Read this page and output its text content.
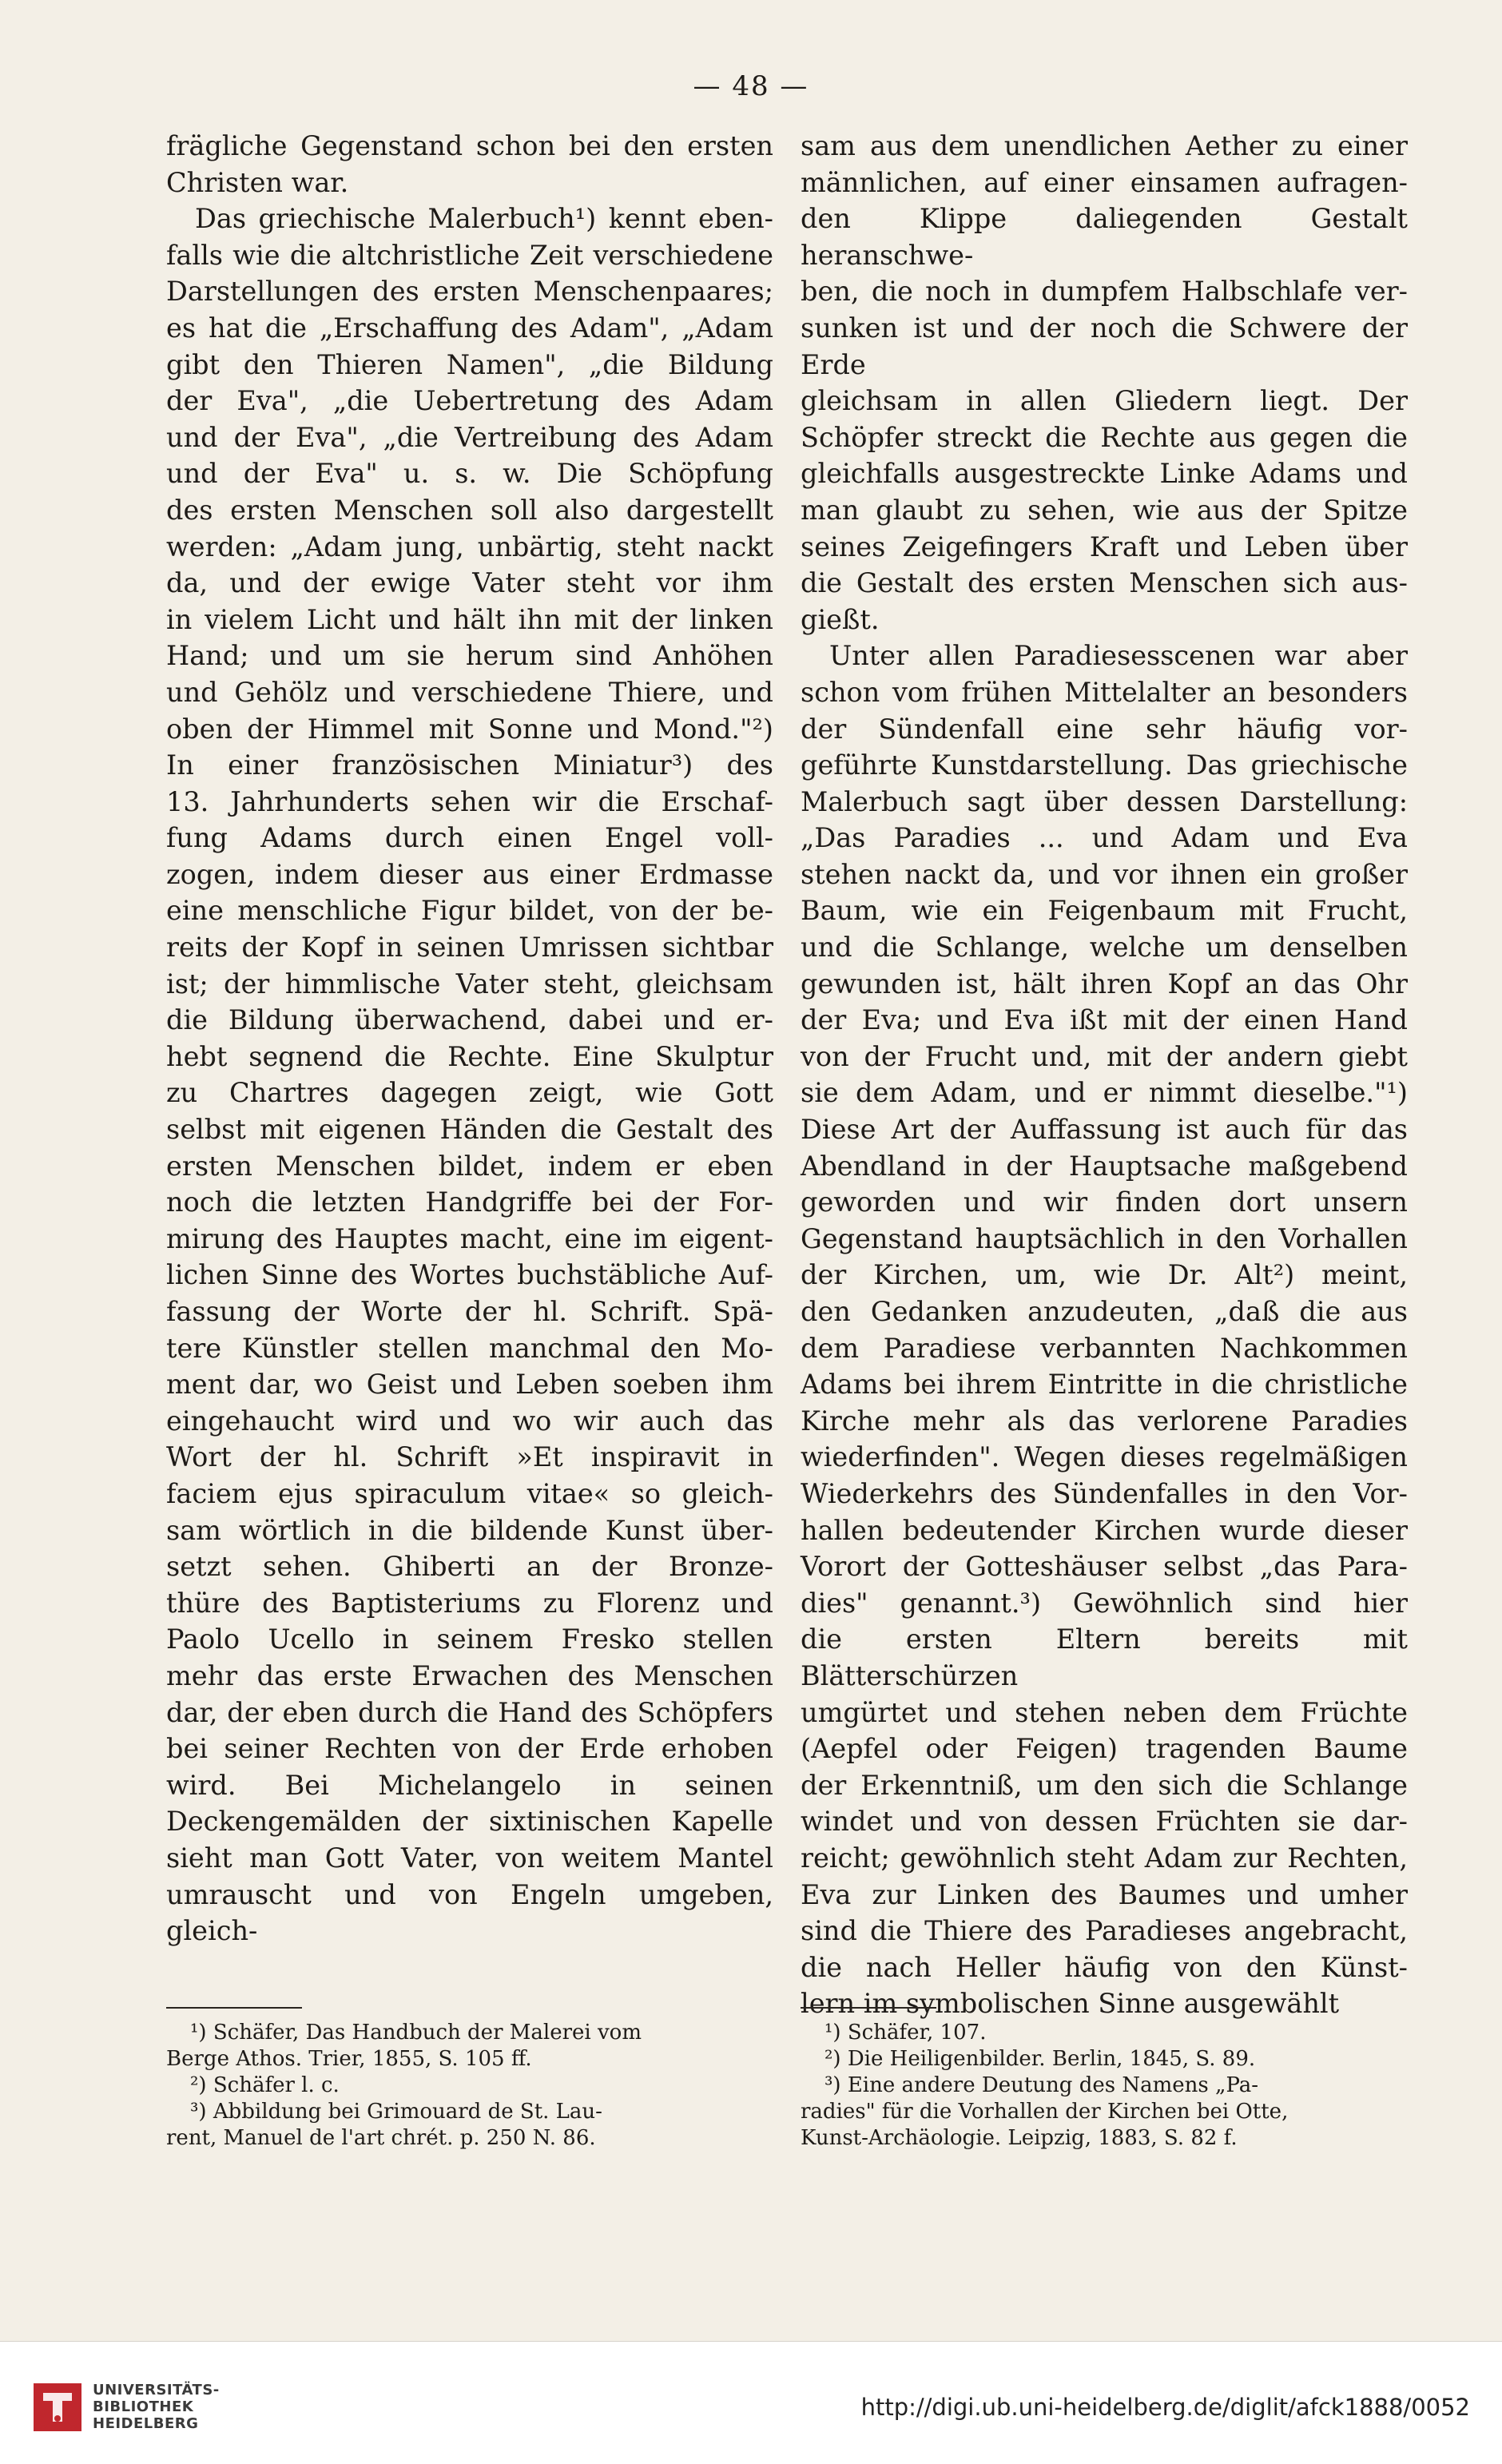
— 48 —

frägliche Gegenstand schon bei den ersten

Christen war.

Das griechische Malerbuch¹) kennt eben-

falls wie die altchristliche Zeit verschiedene

Darstellungen des ersten Menschenpaares;

es hat die „Erschaffung des Adam", „Adam

gibt den Thieren Namen", „die Bildung

der Eva", „die Uebertretung des Adam

und der Eva", „die Vertreibung des Adam

und der Eva" u. s. w. Die Schöpfung

des ersten Menschen soll also dargestellt

werden: „Adam jung, unbärtig, steht nackt

da, und der ewige Vater steht vor ihm

in vielem Licht und hält ihn mit der linken

Hand; und um sie herum sind Anhöhen

und Gehölz und verschiedene Thiere, und

oben der Himmel mit Sonne und Mond."²)

In einer französischen Miniatur³) des

13. Jahrhunderts sehen wir die Erschaf-

fung Adams durch einen Engel voll-

zogen, indem dieser aus einer Erdmasse

eine menschliche Figur bildet, von der be-

reits der Kopf in seinen Umrissen sichtbar

ist; der himmlische Vater steht, gleichsam

die Bildung überwachend, dabei und er-

hebt segnend die Rechte. Eine Skulptur

zu Chartres dagegen zeigt, wie Gott

selbst mit eigenen Händen die Gestalt des

ersten Menschen bildet, indem er eben

noch die letzten Handgriffe bei der For-

mirung des Hauptes macht, eine im eigent-

lichen Sinne des Wortes buchstäbliche Auf-

fassung der Worte der hl. Schrift. Spä-

tere Künstler stellen manchmal den Mo-

ment dar, wo Geist und Leben soeben ihm

eingehaucht wird und wo wir auch das

Wort der hl. Schrift »Et inspiravit in

faciem ejus spiraculum vitae« so gleich-

sam wörtlich in die bildende Kunst über-

setzt sehen. Ghiberti an der Bronze-

thüre des Baptisteriums zu Florenz und

Paolo Ucello in seinem Fresko stellen

mehr das erste Erwachen des Menschen

dar, der eben durch die Hand des Schöpfers

bei seiner Rechten von der Erde erhoben

wird. Bei Michelangelo in seinen

Deckengemälden der sixtinischen Kapelle

sieht man Gott Vater, von weitem Mantel

umrauscht und von Engeln umgeben, gleich-

sam aus dem unendlichen Aether zu einer

männlichen, auf einer einsamen aufragen-

den Klippe daliegenden Gestalt heranschwe-

ben, die noch in dumpfem Halbschlafe ver-

sunken ist und der noch die Schwere der Erde

gleichsam in allen Gliedern liegt. Der

Schöpfer streckt die Rechte aus gegen die

gleichfalls ausgestreckte Linke Adams und

man glaubt zu sehen, wie aus der Spitze

seines Zeigefingers Kraft und Leben über

die Gestalt des ersten Menschen sich aus-

gießt.

Unter allen Paradiesesscenen war aber

schon vom frühen Mittelalter an besonders

der Sündenfall eine sehr häufig vor-

geführte Kunstdarstellung. Das griechische

Malerbuch sagt über dessen Darstellung:

„Das Paradies ... und Adam und Eva

stehen nackt da, und vor ihnen ein großer

Baum, wie ein Feigenbaum mit Frucht,

und die Schlange, welche um denselben

gewunden ist, hält ihren Kopf an das Ohr

der Eva; und Eva ißt mit der einen Hand

von der Frucht und, mit der andern giebt

sie dem Adam, und er nimmt dieselbe."¹)

Diese Art der Auffassung ist auch für das

Abendland in der Hauptsache maßgebend

geworden und wir finden dort unsern

Gegenstand hauptsächlich in den Vorhallen

der Kirchen, um, wie Dr. Alt²) meint,

den Gedanken anzudeuten, „daß die aus

dem Paradiese verbannten Nachkommen

Adams bei ihrem Eintritte in die christliche

Kirche mehr als das verlorene Paradies

wiederfinden". Wegen dieses regelmäßigen

Wiederkehrs des Sündenfalles in den Vor-

hallen bedeutender Kirchen wurde dieser

Vorort der Gotteshäuser selbst „das Para-

dies" genannt.³) Gewöhnlich sind hier

die ersten Eltern bereits mit Blätterschürzen

umgürtet und stehen neben dem Früchte

(Aepfel oder Feigen) tragenden Baume

der Erkenntniß, um den sich die Schlange

windet und von dessen Früchten sie dar-

reicht; gewöhnlich steht Adam zur Rechten,

Eva zur Linken des Baumes und umher

sind die Thiere des Paradieses angebracht,

die nach Heller häufig von den Künst-

lern im symbolischen Sinne ausgewählt

¹) Schäfer, Das Handbuch der Malerei vom
Berge Athos. Trier, 1855, S. 105 ff.
²) Schäfer l. c.
³) Abbildung bei Grimouard de St. Lau-
rent, Manuel de l'art chrét. p. 250 N. 86.
¹) Schäfer, 107.
²) Die Heiligenbilder. Berlin, 1845, S. 89.
³) Eine andere Deutung des Namens „Pa-
radies" für die Vorhallen der Kirchen bei Otte,
Kunst-Archäologie. Leipzig, 1883, S. 82 f.
UNIVERSITÄTS-
BIBLIOTHEK
HEIDELBERG
http://digi.ub.uni-heidelberg.de/diglit/afck1888/0052
